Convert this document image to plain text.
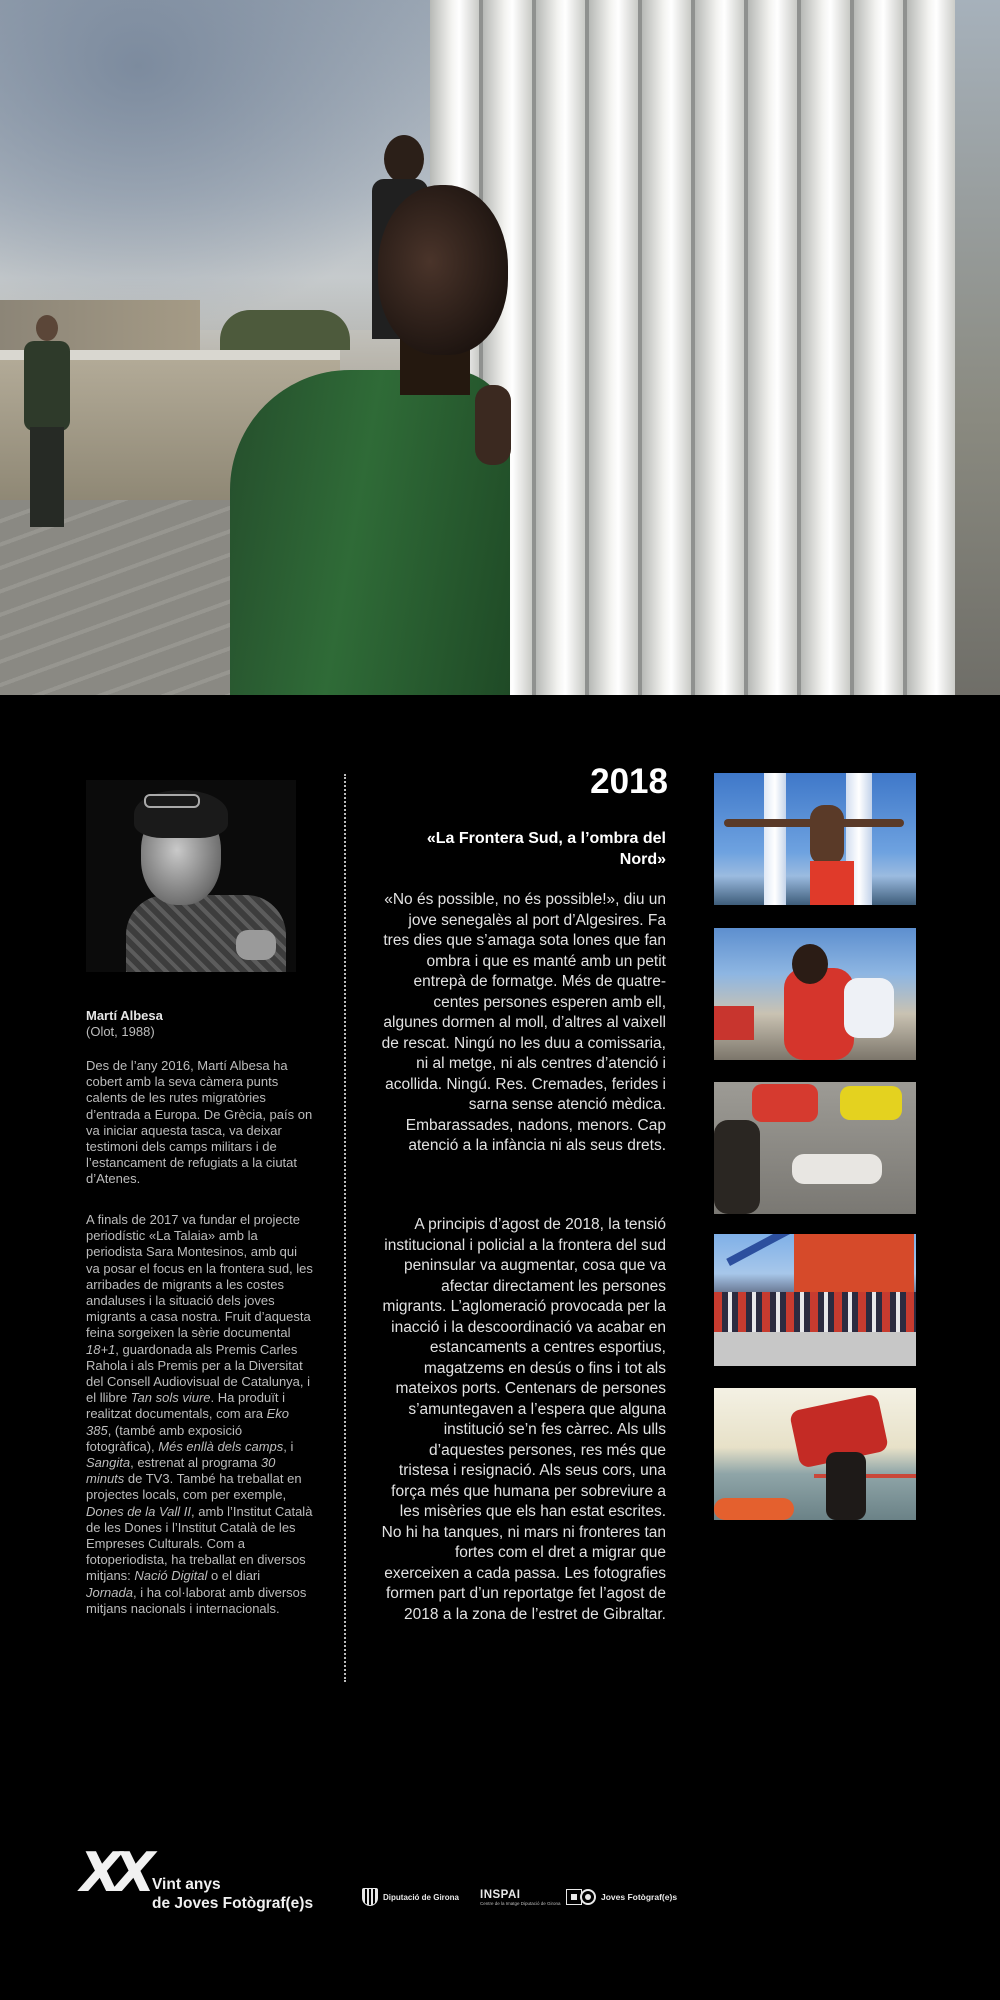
Martí Albesa
(Olot, 1988)

Des de l’any 2016, Martí Albesa ha cobert amb la seva càmera punts calents de les rutes migratòries d’entrada a Europa. De Grècia, país on va iniciar aquesta tasca, va deixar testimoni dels camps militars i de l’estancament de refugiats a la ciutat d’Atenes.

A finals de 2017 va fundar el projecte periodístic «La Talaia» amb la periodista Sara Montesinos, amb qui va posar el focus en la frontera sud, les arribades de migrants a les costes andaluses i la situació dels joves migrants a casa nostra. Fruit d’aquesta feina sorgeixen la sèrie documental 18+1, guardonada als Premis Carles Rahola i als Premis per a la Diversitat del Consell Audiovisual de Catalunya, i el llibre Tan sols viure. Ha produït i realitzat documentals, com ara Eko 385, (també amb exposició fotogràfica), Més enllà dels camps, i Sangita, estrenat al programa 30 minuts de TV3. També ha treballat en projectes locals, com per exemple, Dones de la Vall II, amb l’Institut Català de les Dones i l’Institut Català de les Empreses Culturals. Com a fotoperiodista, ha treballat en diversos mitjans: Nació Digital o el diari Jornada, i ha col·laborat amb diversos mitjans nacionals i internacionals.

2018
«La Frontera Sud, a l’ombra del Nord»

«No és possible, no és possible!», diu un jove senegalès al port d’Algesires. Fa tres dies que s’amaga sota lones que fan ombra i que es manté amb un petit entrepà de formatge. Més de quatre-centes persones esperen amb ell, algunes dormen al moll, d’altres al vaixell de rescat. Ningú no les duu a comissaria, ni al metge, ni als centres d’atenció i acollida. Ningú. Res. Cremades, ferides i sarna sense atenció mèdica. Embarassades, nadons, menors. Cap atenció a la infància ni als seus drets.

A principis d’agost de 2018, la tensió institucional i policial a la frontera del sud peninsular va augmentar, cosa que va afectar directament les persones migrants. L’aglomeració provocada per la inacció i la descoordinació va acabar en estancaments a centres esportius, magatzems en desús o fins i tot als mateixos ports. Centenars de persones s’amuntegaven a l’espera que alguna institució se’n fes càrrec. Als ulls d’aquestes persones, res més que tristesa i resignació. Als seus cors, una força més que humana per sobreviure a les misèries que els han estat escrites. No hi ha tanques, ni mars ni fronteres tan fortes com el dret a migrar que exerceixen a cada passa. Les fotografies formen part d’un reportatge fet l’agost de 2018 a la zona de l’estret de Gibraltar.

XX Vint anys
de Joves Fotògraf(e)s	Diputació de Girona INSPAI
Centre de la Imatge Diputació de Girona
Joves Fotògraf(e)s
